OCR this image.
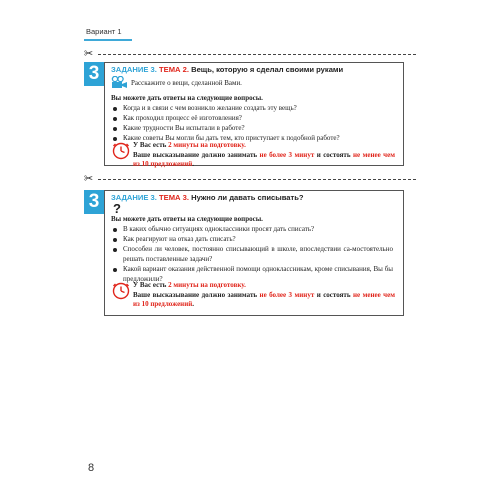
Вариант 1
✂
3	ЗАДАНИЕ 3. ТЕМА 2. Вещь, которую я сделал своими руками
Расскажите о вещи, сделанной Вами.
Вы можете дать ответы на следующие вопросы.
Когда и в связи с чем возникло желание создать эту вещь?
Как проходил процесс её изготовления?
Какие трудности Вы испытали в работе?
Какие советы Вы могли бы дать тем, кто приступает к подобной работе?
У Вас есть 2 минуты на подготовку.
Ваше высказывание должно занимать не более 3 минут и состоять не менее чем из 10 предложений.
✂
3	ЗАДАНИЕ 3. ТЕМА 3. Нужно ли давать списывать?
?
Вы можете дать ответы на следующие вопросы.
В каких обычно ситуациях одноклассники просят дать списать?
Как реагируют на отказ дать списать?
Способен ли человек, постоянно списывающий в школе, впоследствии са-мостоятельно решать поставленные задачи?
Какой вариант оказания действенной помощи одноклассникам, кроме списывания, Вы бы предложили?
У Вас есть 2 минуты на подготовку.
Ваше высказывание должно занимать не более 3 минут и состоять не менее чем из 10 предложений.
8
